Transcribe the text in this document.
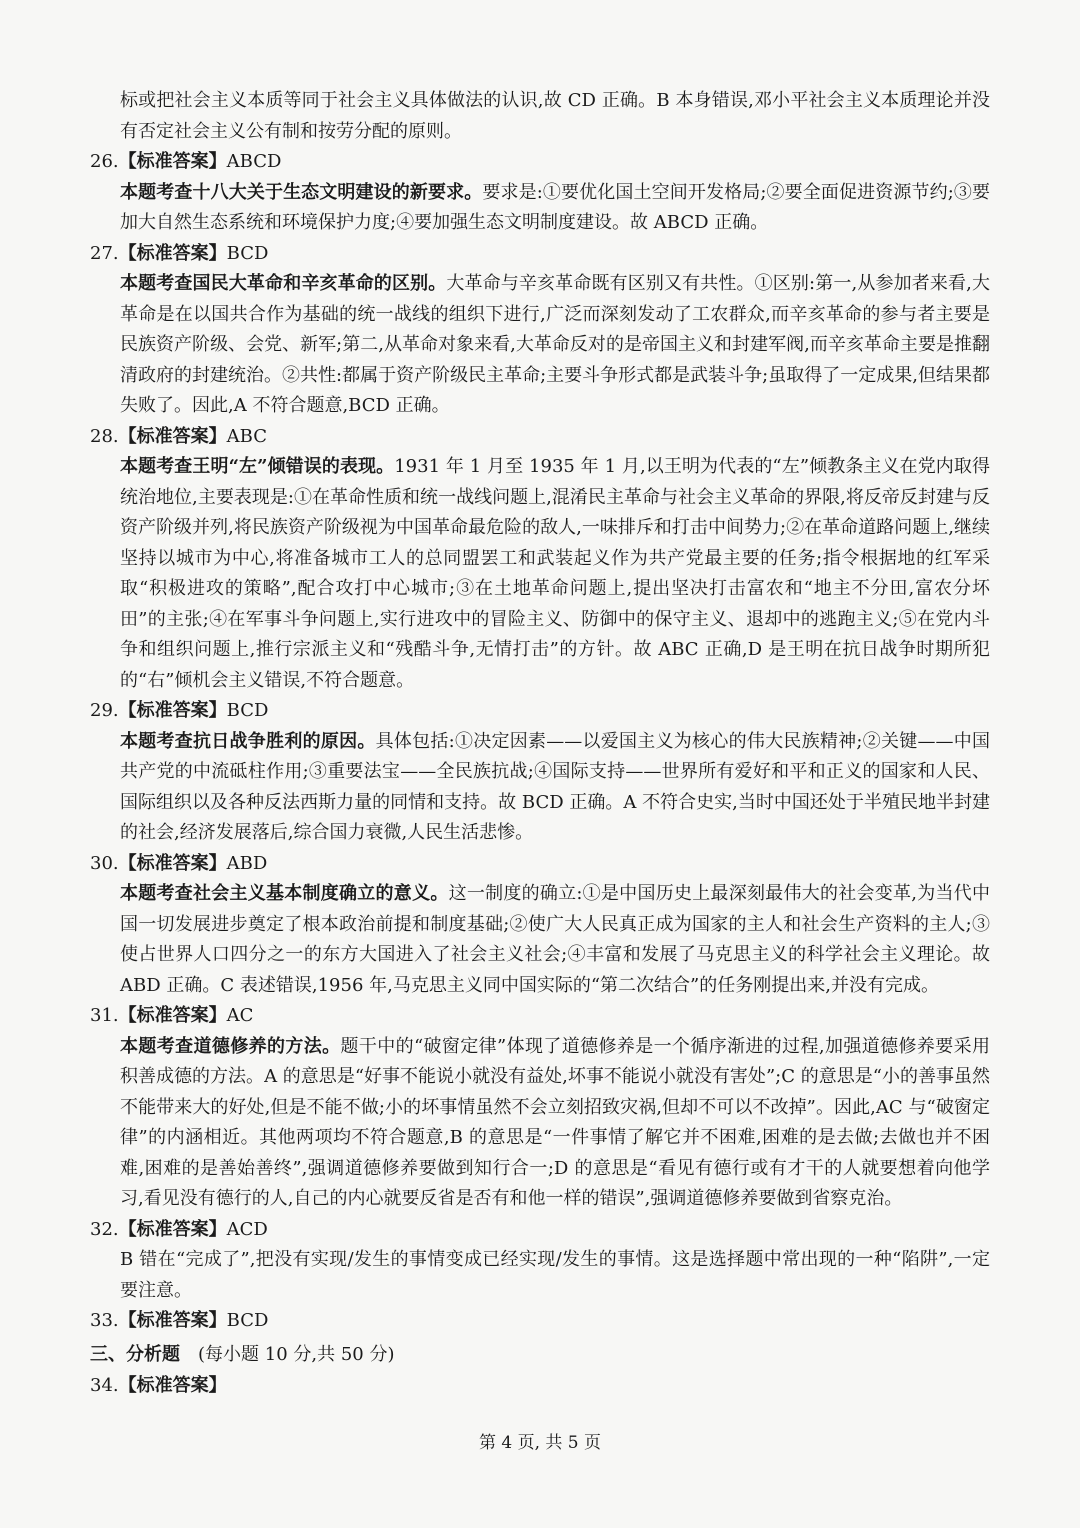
标或把社会主义本质等同于社会主义具体做法的认识,故 CD 正确。B 本身错误,邓小平社会主义本质理论并没有否定社会主义公有制和按劳分配的原则。

26.【标准答案】ABCD

本题考查十八大关于生态文明建设的新要求。要求是:①要优化国土空间开发格局;②要全面促进资源节约;③要加大自然生态系统和环境保护力度;④要加强生态文明制度建设。故 ABCD 正确。

27.【标准答案】BCD

本题考查国民大革命和辛亥革命的区别。大革命与辛亥革命既有区别又有共性。①区别:第一,从参加者来看,大革命是在以国共合作为基础的统一战线的组织下进行,广泛而深刻发动了工农群众,而辛亥革命的参与者主要是民族资产阶级、会党、新军;第二,从革命对象来看,大革命反对的是帝国主义和封建军阀,而辛亥革命主要是推翻清政府的封建统治。②共性:都属于资产阶级民主革命;主要斗争形式都是武装斗争;虽取得了一定成果,但结果都失败了。因此,A 不符合题意,BCD 正确。

28.【标准答案】ABC

本题考查王明“左”倾错误的表现。1931 年 1 月至 1935 年 1 月,以王明为代表的“左”倾教条主义在党内取得统治地位,主要表现是:①在革命性质和统一战线问题上,混淆民主革命与社会主义革命的界限,将反帝反封建与反资产阶级并列,将民族资产阶级视为中国革命最危险的敌人,一味排斥和打击中间势力;②在革命道路问题上,继续坚持以城市为中心,将准备城市工人的总同盟罢工和武装起义作为共产党最主要的任务;指令根据地的红军采取“积极进攻的策略”,配合攻打中心城市;③在土地革命问题上,提出坚决打击富农和“地主不分田,富农分坏田”的主张;④在军事斗争问题上,实行进攻中的冒险主义、防御中的保守主义、退却中的逃跑主义;⑤在党内斗争和组织问题上,推行宗派主义和“残酷斗争,无情打击”的方针。故 ABC 正确,D 是王明在抗日战争时期所犯的“右”倾机会主义错误,不符合题意。

29.【标准答案】BCD

本题考查抗日战争胜利的原因。具体包括:①决定因素——以爱国主义为核心的伟大民族精神;②关键——中国共产党的中流砥柱作用;③重要法宝——全民族抗战;④国际支持——世界所有爱好和平和正义的国家和人民、国际组织以及各种反法西斯力量的同情和支持。故 BCD 正确。A 不符合史实,当时中国还处于半殖民地半封建的社会,经济发展落后,综合国力衰微,人民生活悲惨。

30.【标准答案】ABD

本题考查社会主义基本制度确立的意义。这一制度的确立:①是中国历史上最深刻最伟大的社会变革,为当代中国一切发展进步奠定了根本政治前提和制度基础;②使广大人民真正成为国家的主人和社会生产资料的主人;③使占世界人口四分之一的东方大国进入了社会主义社会;④丰富和发展了马克思主义的科学社会主义理论。故 ABD 正确。C 表述错误,1956 年,马克思主义同中国实际的“第二次结合”的任务刚提出来,并没有完成。

31.【标准答案】AC

本题考查道德修养的方法。题干中的“破窗定律”体现了道德修养是一个循序渐进的过程,加强道德修养要采用积善成德的方法。A 的意思是“好事不能说小就没有益处,坏事不能说小就没有害处”;C 的意思是“小的善事虽然不能带来大的好处,但是不能不做;小的坏事情虽然不会立刻招致灾祸,但却不可以不改掉”。因此,AC 与“破窗定律”的内涵相近。其他两项均不符合题意,B 的意思是“一件事情了解它并不困难,困难的是去做;去做也并不困难,困难的是善始善终”,强调道德修养要做到知行合一;D 的意思是“看见有德行或有才干的人就要想着向他学习,看见没有德行的人,自己的内心就要反省是否有和他一样的错误”,强调道德修养要做到省察克治。

32.【标准答案】ACD

B 错在“完成了”,把没有实现/发生的事情变成已经实现/发生的事情。这是选择题中常出现的一种“陷阱”,一定要注意。

33.【标准答案】BCD

三、分析题 (每小题 10 分,共 50 分)

34.【标准答案】

第 4 页, 共 5 页
